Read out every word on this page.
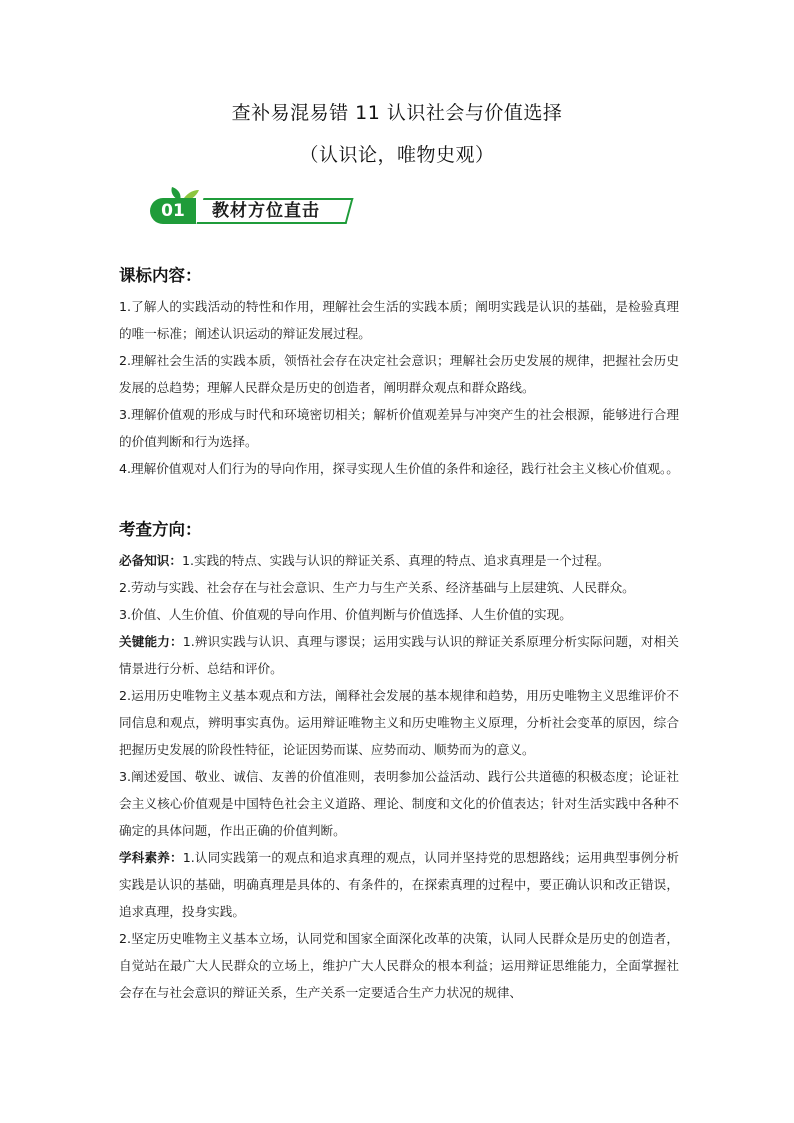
查补易混易错 11 认识社会与价值选择
（认识论，唯物史观）
01	教材方位直击
课标内容：
1.了解人的实践活动的特性和作用，理解社会生活的实践本质；阐明实践是认识的基础，是检验真理的唯一标准；阐述认识运动的辩证发展过程。
2.理解社会生活的实践本质，领悟社会存在决定社会意识；理解社会历史发展的规律，把握社会历史发展的总趋势；理解人民群众是历史的创造者，阐明群众观点和群众路线。
3.理解价值观的形成与时代和环境密切相关；解析价值观差异与冲突产生的社会根源，能够进行合理的价值判断和行为选择。
4.理解价值观对人们行为的导向作用，探寻实现人生价值的条件和途径，践行社会主义核心价值观。。
考查方向：
必备知识：1.实践的特点、实践与认识的辩证关系、真理的特点、追求真理是一个过程。
2.劳动与实践、社会存在与社会意识、生产力与生产关系、经济基础与上层建筑、人民群众。
3.价值、人生价值、价值观的导向作用、价值判断与价值选择、人生价值的实现。
关键能力：1.辨识实践与认识、真理与谬误；运用实践与认识的辩证关系原理分析实际问题，对相关情景进行分析、总结和评价。
2.运用历史唯物主义基本观点和方法，阐释社会发展的基本规律和趋势，用历史唯物主义思维评价不同信息和观点，辨明事实真伪。运用辩证唯物主义和历史唯物主义原理，分析社会变革的原因，综合把握历史发展的阶段性特征，论证因势而谋、应势而动、顺势而为的意义。
3.阐述爱国、敬业、诚信、友善的价值准则，表明参加公益活动、践行公共道德的积极态度；论证社会主义核心价值观是中国特色社会主义道路、理论、制度和文化的价值表达；针对生活实践中各种不确定的具体问题，作出正确的价值判断。
学科素养：1.认同实践第一的观点和追求真理的观点，认同并坚持党的思想路线；运用典型事例分析实践是认识的基础，明确真理是具体的、有条件的，在探索真理的过程中，要正确认识和改正错误，追求真理，投身实践。
2.坚定历史唯物主义基本立场，认同党和国家全面深化改革的决策，认同人民群众是历史的创造者，自觉站在最广大人民群众的立场上，维护广大人民群众的根本利益；运用辩证思维能力，全面掌握社会存在与社会意识的辩证关系，生产关系一定要适合生产力状况的规律、
